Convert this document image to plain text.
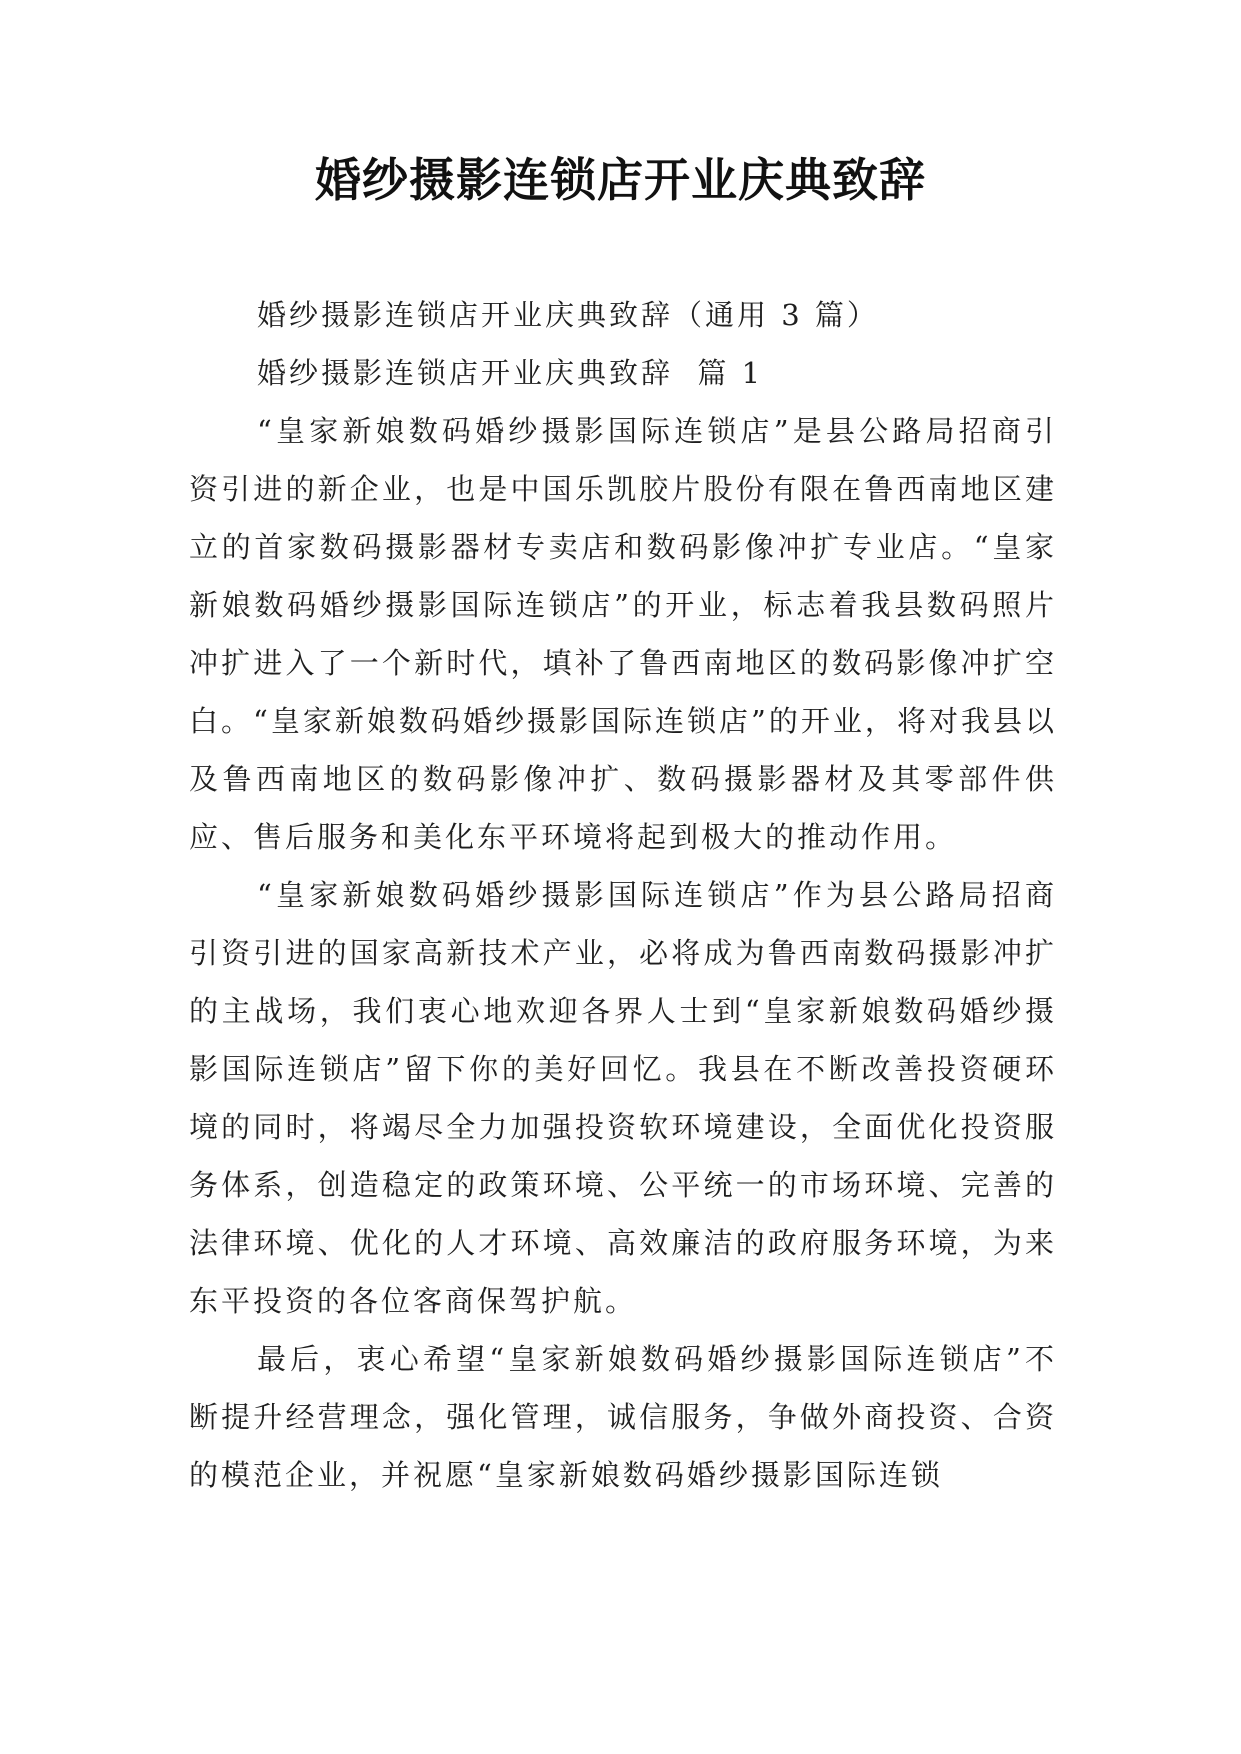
婚纱摄影连锁店开业庆典致辞

婚纱摄影连锁店开业庆典致辞（通用 3 篇）

婚纱摄影连锁店开业庆典致辞  篇 1

“皇家新娘数码婚纱摄影国际连锁店”是县公路局招商引资引进的新企业，也是中国乐凯胶片股份有限在鲁西南地区建立的首家数码摄影器材专卖店和数码影像冲扩专业店。“皇家新娘数码婚纱摄影国际连锁店”的开业，标志着我县数码照片冲扩进入了一个新时代，填补了鲁西南地区的数码影像冲扩空白。“皇家新娘数码婚纱摄影国际连锁店”的开业，将对我县以及鲁西南地区的数码影像冲扩、数码摄影器材及其零部件供应、售后服务和美化东平环境将起到极大的推动作用。

“皇家新娘数码婚纱摄影国际连锁店”作为县公路局招商引资引进的国家高新技术产业，必将成为鲁西南数码摄影冲扩的主战场，我们衷心地欢迎各界人士到“皇家新娘数码婚纱摄影国际连锁店”留下你的美好回忆。我县在不断改善投资硬环境的同时，将竭尽全力加强投资软环境建设，全面优化投资服务体系，创造稳定的政策环境、公平统一的市场环境、完善的法律环境、优化的人才环境、高效廉洁的政府服务环境，为来东平投资的各位客商保驾护航。

最后，衷心希望“皇家新娘数码婚纱摄影国际连锁店”不断提升经营理念，强化管理，诚信服务，争做外商投资、合资的模范企业，并祝愿“皇家新娘数码婚纱摄影国际连锁
